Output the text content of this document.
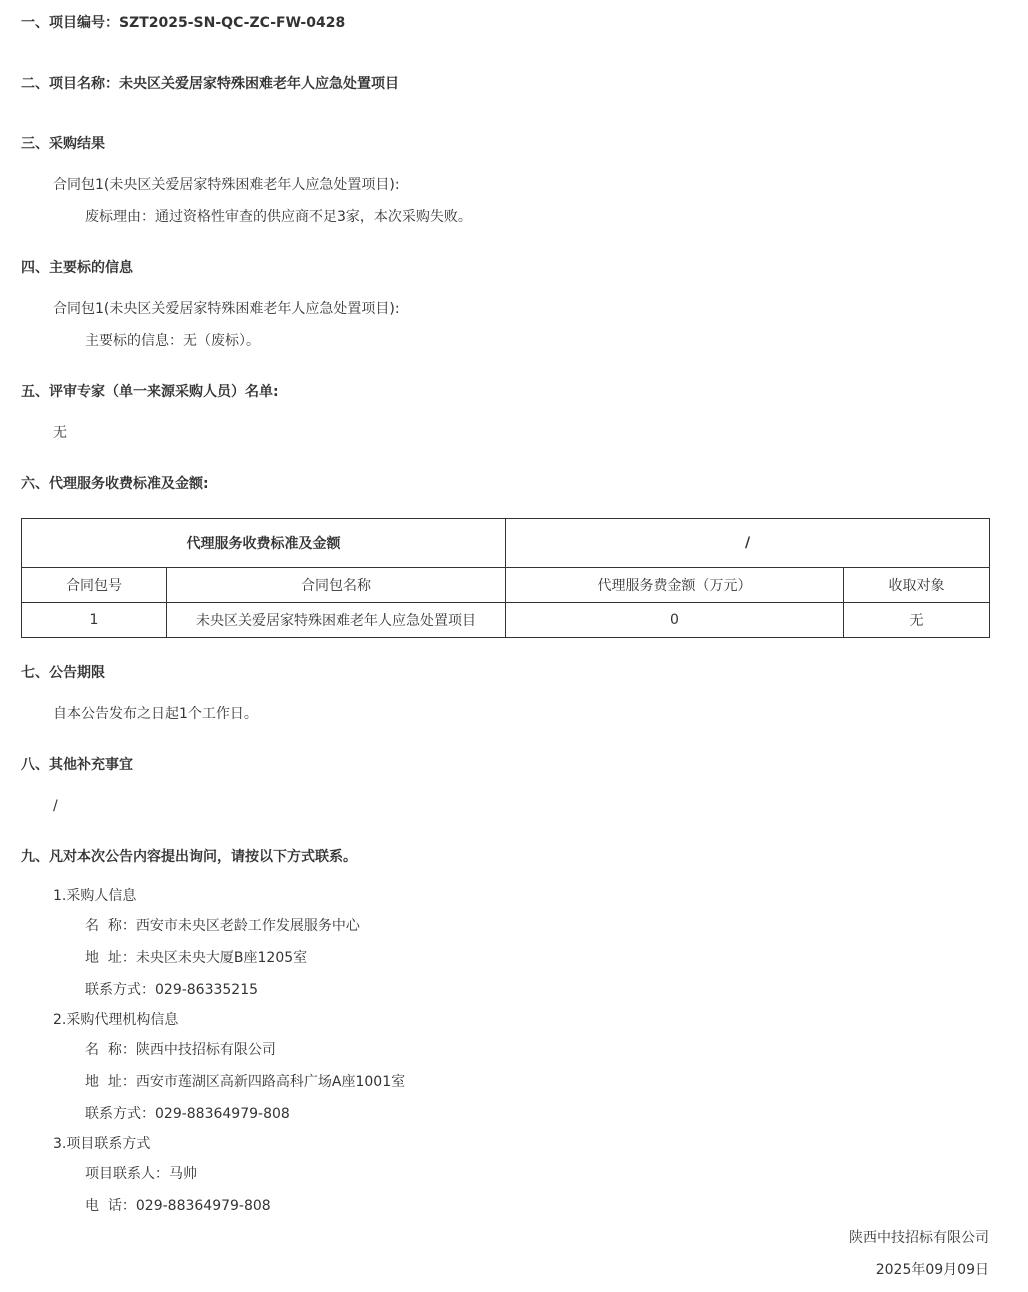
一、项目编号：SZT2025-SN-QC-ZC-FW-0428
二、项目名称：未央区关爱居家特殊困难老年人应急处置项目
三、采购结果
合同包1(未央区关爱居家特殊困难老年人应急处置项目):
废标理由：通过资格性审查的供应商不足3家，本次采购失败。
四、主要标的信息
合同包1(未央区关爱居家特殊困难老年人应急处置项目):
主要标的信息：无（废标）。
五、评审专家（单一来源采购人员）名单:
无
六、代理服务收费标准及金额:
代理服务收费标准及金额		/	
合同包号	合同包名称	代理服务费金额（万元）	收取对象
1	未央区关爱居家特殊困难老年人应急处置项目	0	无
七、公告期限
自本公告发布之日起1个工作日。
八、其他补充事宜
/
九、凡对本次公告内容提出询问，请按以下方式联系。
1.采购人信息
名  称：西安市未央区老龄工作发展服务中心
地  址：未央区未央大厦B座1205室
联系方式：029-86335215
2.采购代理机构信息
名  称：陕西中技招标有限公司
地  址：西安市莲湖区高新四路高科广场A座1001室
联系方式：029-88364979-808
3.项目联系方式
项目联系人：马帅
电  话：029-88364979-808
陕西中技招标有限公司
2025年09月09日
